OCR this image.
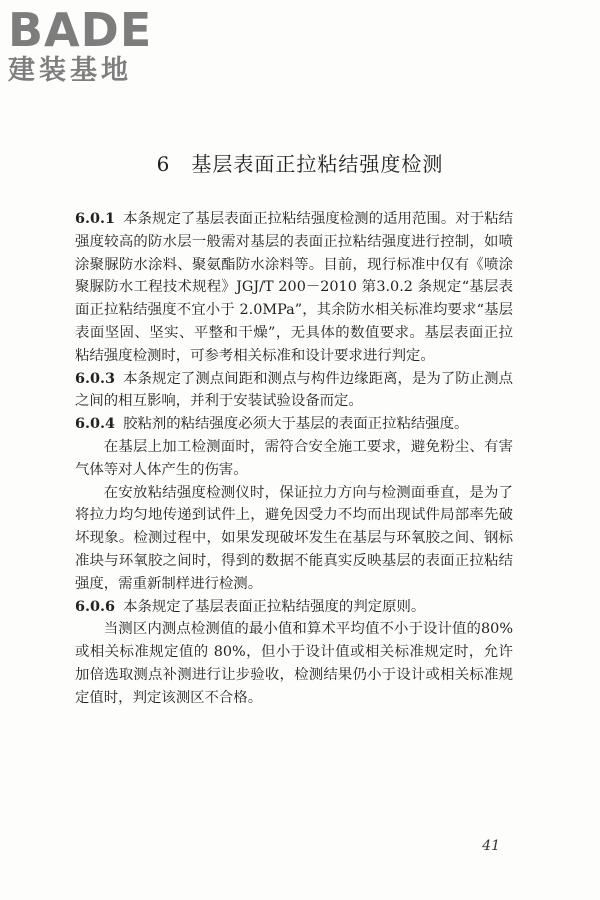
BADE
建装基地
6　基层表面正拉粘结强度检测

6.0.1 本条规定了基层表面正拉粘结强度检测的适用范围。对于粘结强度较高的防水层一般需对基层的表面正拉粘结强度进行控制，如喷涂聚脲防水涂料、聚氨酯防水涂料等。目前，现行标准中仅有《喷涂聚脲防水工程技术规程》JGJ/T 200－2010 第3.0.2 条规定“基层表面正拉粘结强度不宜小于 2.0MPa”，其余防水相关标准均要求“基层表面坚固、坚实、平整和干燥”，无具体的数值要求。基层表面正拉粘结强度检测时，可参考相关标准和设计要求进行判定。

6.0.3 本条规定了测点间距和测点与构件边缘距离，是为了防止测点之间的相互影响，并利于安装试验设备而定。

6.0.4 胶粘剂的粘结强度必须大于基层的表面正拉粘结强度。

在基层上加工检测面时，需符合安全施工要求，避免粉尘、有害气体等对人体产生的伤害。

在安放粘结强度检测仪时，保证拉力方向与检测面垂直，是为了将拉力均匀地传递到试件上，避免因受力不均而出现试件局部率先破坏现象。检测过程中，如果发现破坏发生在基层与环氧胶之间、钢标准块与环氧胶之间时，得到的数据不能真实反映基层的表面正拉粘结强度，需重新制样进行检测。

6.0.6 本条规定了基层表面正拉粘结强度的判定原则。

当测区内测点检测值的最小值和算术平均值不小于设计值的80%或相关标准规定值的 80%，但小于设计值或相关标准规定时，允许加倍选取测点补测进行让步验收，检测结果仍小于设计或相关标准规定值时，判定该测区不合格。

41
